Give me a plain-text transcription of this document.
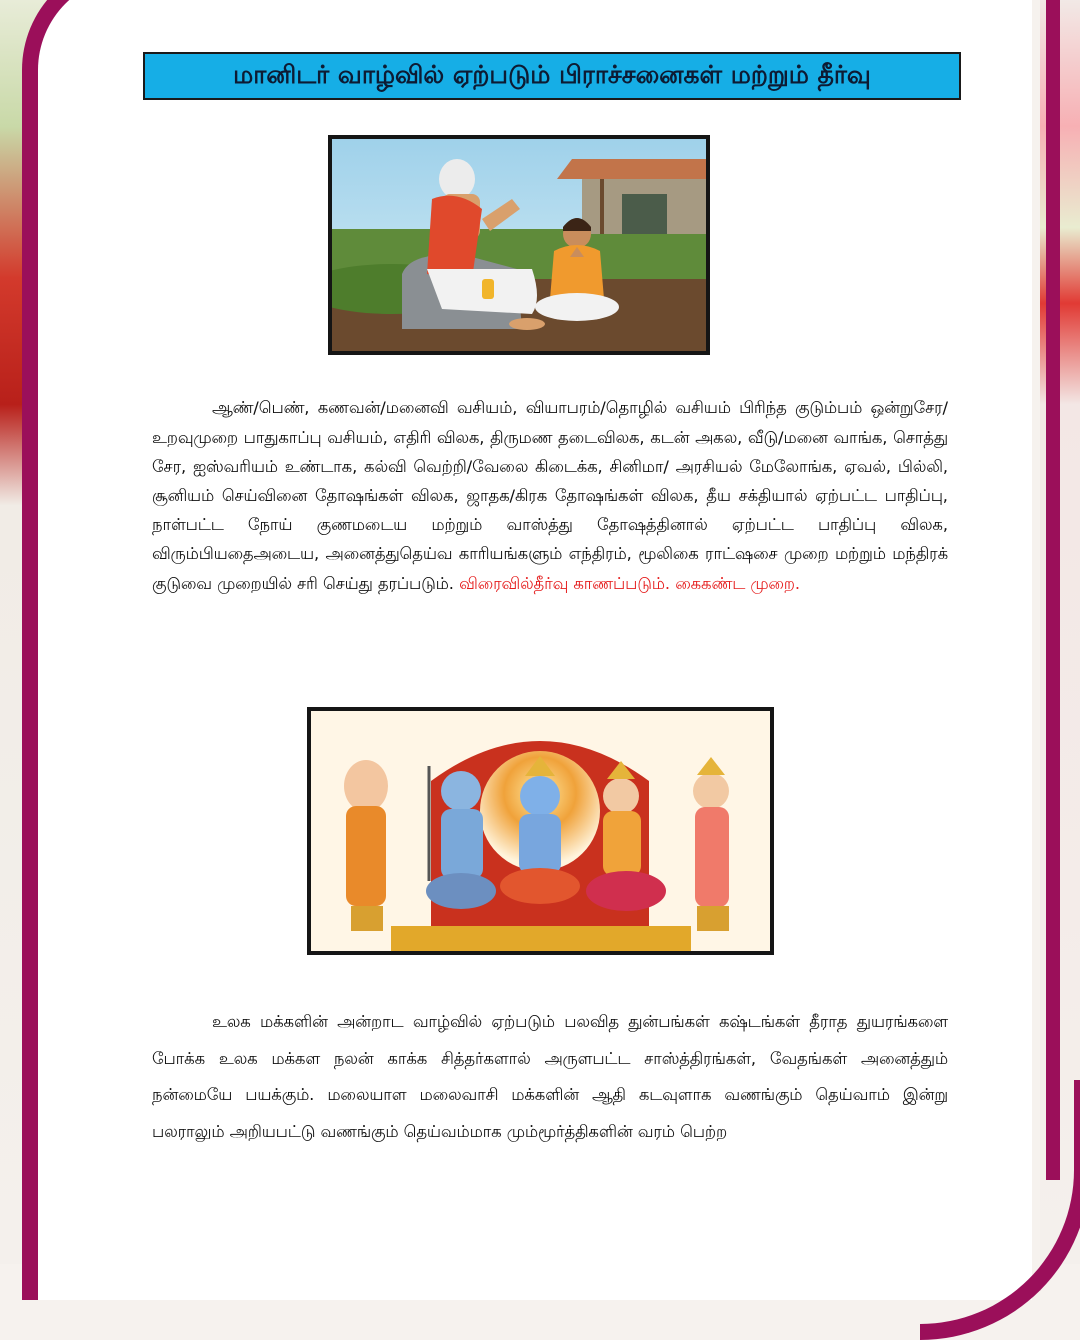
மானிடர் வாழ்வில் ஏற்படும் பிராச்சனைகள் மற்றும் தீர்வு

ஆண்/பெண், கணவன்/மனைவி வசியம், வியாபரம்/தொழில் வசியம் பிரிந்த குடும்பம் ஒன்றுசேர/ உறவுமுறை பாதுகாப்பு வசியம், எதிரி விலக, திருமண தடைவிலக, கடன் அகல, வீடு/மனை வாங்க, சொத்து சேர, ஐஸ்வரியம் உண்டாக, கல்வி வெற்றி/வேலை கிடைக்க, சினிமா/ அரசியல் மேலோங்க, ஏவல், பில்லி, சூனியம் செய்வினை தோஷங்கள் விலக, ஜாதக/கிரக தோஷங்கள் விலக, தீய சக்தியால் ஏற்பட்ட பாதிப்பு, நாள்பட்ட நோய் குணமடைய மற்றும் வாஸ்த்து தோஷத்தினால் ஏற்பட்ட பாதிப்பு விலக, விரும்பியதைஅடைய, அனைத்துதெய்வ காரியங்களும் எந்திரம், மூலிகை ராட்ஷசை முறை மற்றும் மந்திரக் குடுவை முறையில் சரி செய்து தரப்படும். விரைவில்தீர்வு காணப்படும். கைகண்ட முறை.

உலக மக்களின் அன்றாட வாழ்வில் ஏற்படும் பலவித துன்பங்கள் கஷ்டங்கள் தீராத துயரங்களை போக்க உலக மக்கள நலன் காக்க சித்தர்களால் அருளபட்ட சாஸ்த்திரங்கள், வேதங்கள் அனைத்தும் நன்மையே பயக்கும். மலையாள மலைவாசி மக்களின் ஆதி கடவுளாக வணங்கும் தெய்வாம் இன்று பலராலும் அறியபட்டு வணங்கும் தெய்வம்மாக மும்மூர்த்திகளின் வரம் பெற்ற
